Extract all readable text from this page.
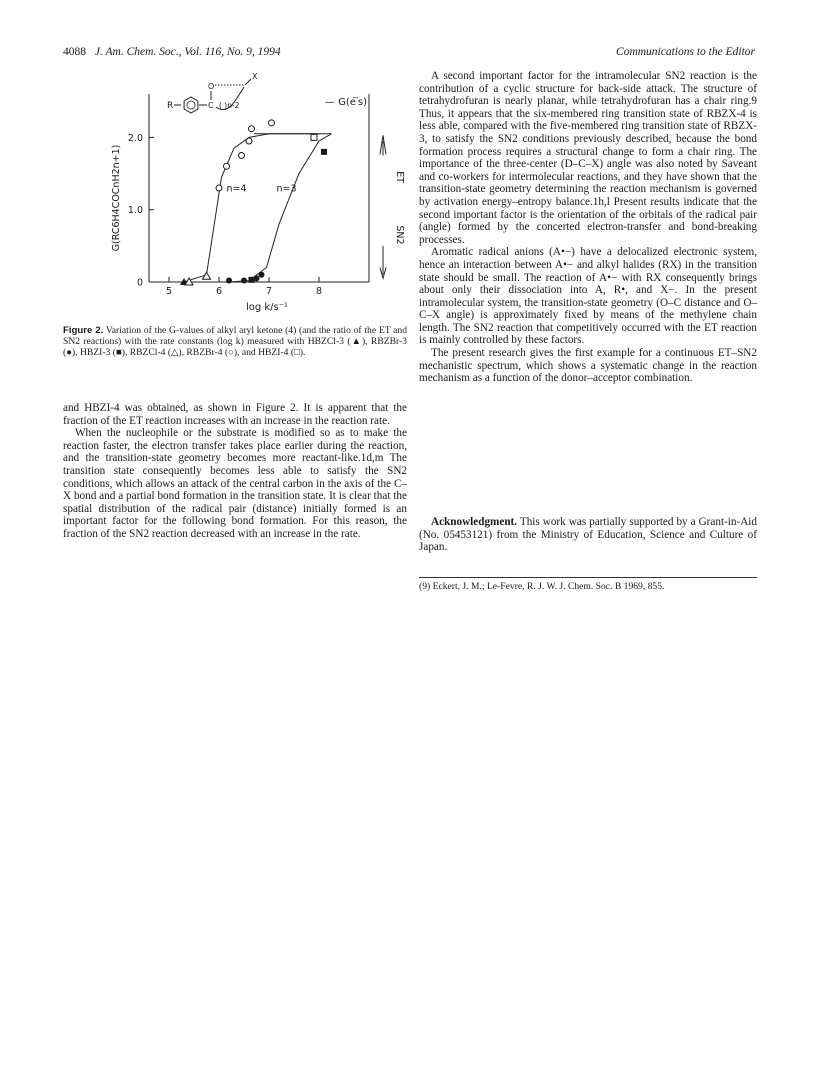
4088 J. Am. Chem. Soc., Vol. 116, No. 9, 1994	Communications to the Editor
5	6	7	8
2.0
1.0
0
log k/s⁻¹
G(RC6H4COCnH2n+1)	ET
SN2
n=4	n=3
— G(e ̅s)
R	C
O
X
( )n-2
Figure 2. Variation of the G-values of alkyl aryl ketone (4) (and the ratio of the ET and SN2 reactions) with the rate constants (log k) measured with HBZCl-3 (▲), RBZBr-3 (●), HBZI-3 (■), RBZCl-4 (△), RBZBr-4 (○), and HBZI-4 (□).

and HBZI-4 was obtained, as shown in Figure 2. It is apparent that the fraction of the ET reaction increases with an increase in the reaction rate.

When the nucleophile or the substrate is modified so as to make the reaction faster, the electron transfer takes place earlier during the reaction, and the transition-state geometry becomes more reactant-like.1d,m The transition state consequently becomes less able to satisfy the SN2 conditions, which allows an attack of the central carbon in the axis of the C–X bond and a partial bond formation in the transition state. It is clear that the spatial distribution of the radical pair (distance) initially formed is an important factor for the following bond formation. For this reason, the fraction of the SN2 reaction decreased with an increase in the rate.

A second important factor for the intramolecular SN2 reaction is the contribution of a cyclic structure for back-side attack. The structure of tetrahydrofuran is nearly planar, while tetrahydrofuran has a chair ring.9 Thus, it appears that the six-membered ring transition state of RBZX-4 is less able, compared with the five-membered ring transition state of RBZX-3, to satisfy the SN2 conditions previously described, because the bond formation process requires a structural change to form a chair ring. The importance of the three-center (D–C–X) angle was also noted by Saveant and co-workers for intermolecular reactions, and they have shown that the transition-state geometry determining the reaction mechanism is governed by activation energy–entropy balance.1h,l Present results indicate that the second important factor is the orientation of the orbitals of the radical pair (angle) formed by the concerted electron-transfer and bond-breaking processes.

Aromatic radical anions (A•−) have a delocalized electronic system, hence an interaction between A•− and alkyl halides (RX) in the transition state should be small. The reaction of A•− with RX consequently brings about only their dissociation into A, R•, and X−. In the present intramolecular system, the transition-state geometry (O–C distance and O–C–X angle) is approximately fixed by means of the methylene chain length. The SN2 reaction that competitively occurred with the ET reaction is mainly controlled by these factors.

The present research gives the first example for a continuous ET–SN2 mechanistic spectrum, which shows a systematic change in the reaction mechanism as a function of the donor–acceptor combination.

Acknowledgment. This work was partially supported by a Grant-in-Aid (No. 05453121) from the Ministry of Education, Science and Culture of Japan.

(9) Eckert, J. M.; Le-Fevre, R. J. W. J. Chem. Soc. B 1969, 855.
